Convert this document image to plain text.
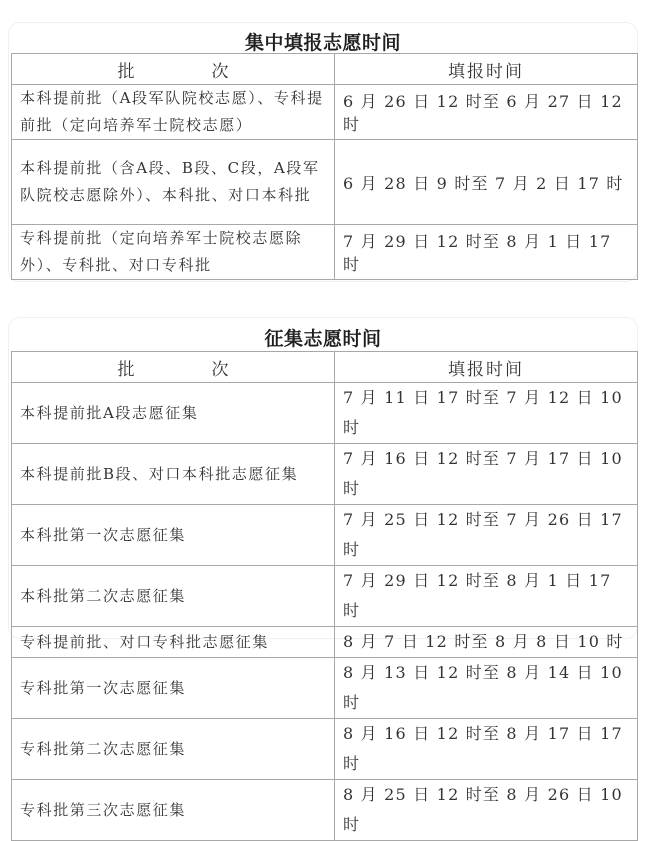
集中填报志愿时间
批　次	填报时间
本科提前批（A段军队院校志愿）、专科提前批（定向培养军士院校志愿）	6 月 26 日 12 时至 6 月 27 日 12 时
本科提前批（含A段、B段、C段，A段军队院校志愿除外）、本科批、对口本科批	6 月 28 日 9 时至 7 月 2 日 17 时
专科提前批（定向培养军士院校志愿除外）、专科批、对口专科批	7 月 29 日 12 时至 8 月 1 日 17 时
征集志愿时间
批　次	填报时间
本科提前批A段志愿征集	7 月 11 日 17 时至 7 月 12 日 10 时
本科提前批B段、对口本科批志愿征集	7 月 16 日 12 时至 7 月 17 日 10 时
本科批第一次志愿征集	7 月 25 日 12 时至 7 月 26 日 17 时
本科批第二次志愿征集	7 月 29 日 12 时至 8 月 1 日 17 时
专科提前批、对口专科批志愿征集	8 月 7 日 12 时至 8 月 8 日 10 时
专科批第一次志愿征集	8 月 13 日 12 时至 8 月 14 日 10 时
专科批第二次志愿征集	8 月 16 日 12 时至 8 月 17 日 17 时
专科批第三次志愿征集	8 月 25 日 12 时至 8 月 26 日 10 时
